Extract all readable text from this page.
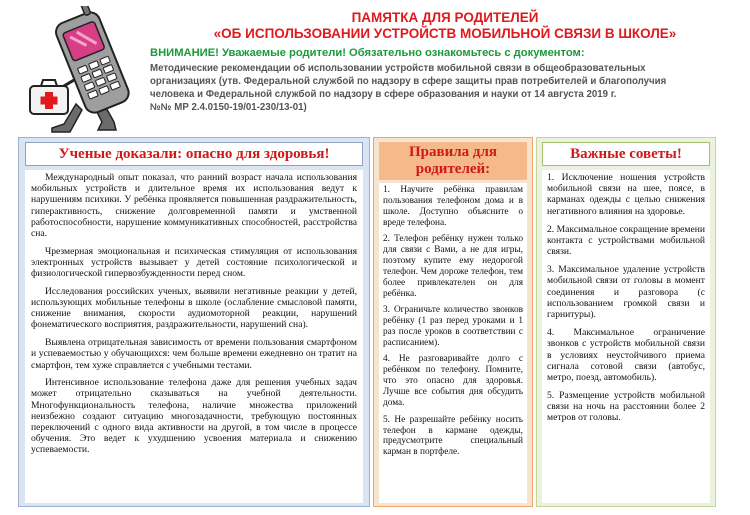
ПАМЯТКА ДЛЯ РОДИТЕЛЕЙ
«ОБ ИСПОЛЬЗОВАНИИ УСТРОЙСТВ МОБИЛЬНОЙ СВЯЗИ В ШКОЛЕ»
ВНИМАНИЕ! Уважаемые родители! Обязательно ознакомьтесь с документом:
Методические рекомендации об использовании устройств мобильной связи в общеобразовательных
организациях (утв. Федеральной службой по надзору в сфере защиты прав потребителей и благополучия
человека и Федеральной службой по надзору в сфере образования и науки от 14 августа 2019 г.
№№ МР 2.4.0150-19/01-230/13-01)
Ученые доказали: опасно для здоровья!

Международный опыт показал, что ранний возраст начала использования мобильных устройств и длительное время их использования ведут к нарушениям психики. У ребёнка проявляется повышенная раздражительность, гиперактивность, снижение долговременной памяти и умственной работоспособности, нарушение коммуникативных способностей, расстройства сна.

Чрезмерная эмоциональная и психическая стимуляция от использования электронных устройств вызывает у детей состояние психологической и физиологической гипервозбужденности перед сном.

Исследования российских ученых, выявили негативные реакции у детей, использующих мобильные телефоны в школе (ослабление смысловой памяти, снижение внимания, скорости аудиомоторной реакции, нарушений фонематического восприятия, раздражительности, нарушений сна).

Выявлена отрицательная зависимость от времени пользования смартфоном и успеваемостью у обучающихся: чем больше времени ежедневно он тратит на смартфон, тем хуже справляется с учебными тестами.

Интенсивное использование телефона даже для решения учебных задач может отрицательно сказываться на учебной деятельности. Многофункциональность телефона, наличие множества приложений неизбежно создают ситуацию многозадачности, требующую постоянных переключений с одного вида активности на другой, в том числе в процессе обучения. Это ведет к ухудшению усвоения материала и снижению успеваемости.

Правила для
родителей:

1. Научите ребёнка правилам пользования телефоном дома и в школе. Доступно объясните о вреде телефона.

2. Телефон ребёнку нужен только для связи с Вами, а не для игры, поэтому купите ему недорогой телефон. Чем дороже телефон, тем более привлекателен он для ребёнка.

3. Ограничьте количество звонков ребёнку (1 раз перед уроками и 1 раз после уроков в соответствии с расписанием).

4. Не разговаривайте долго с ребёнком по телефону. Помните, что это опасно для здоровья. Лучше все события дня обсудить дома.

5. Не разрешайте ребёнку носить телефон в кармане одежды, предусмотрите специальный карман в портфеле.

Важные советы!

1. Исключение ношения устройств мобильной связи на шее, поясе, в карманах одежды с целью снижения негативного влияния на здоровье.

2. Максимальное сокращение времени контакта с устройствами мобильной связи.

3. Максимальное удаление устройств мобильной связи от головы в момент соединения и разговора (с использованием громкой связи и гарнитуры).

4. Максимальное ограничение звонков с устройств мобильной связи в условиях неустойчивого приема сигнала сотовой связи (автобус, метро, поезд, автомобиль).

5. Размещение устройств мобильной связи на ночь на расстоянии более 2 метров от головы.
